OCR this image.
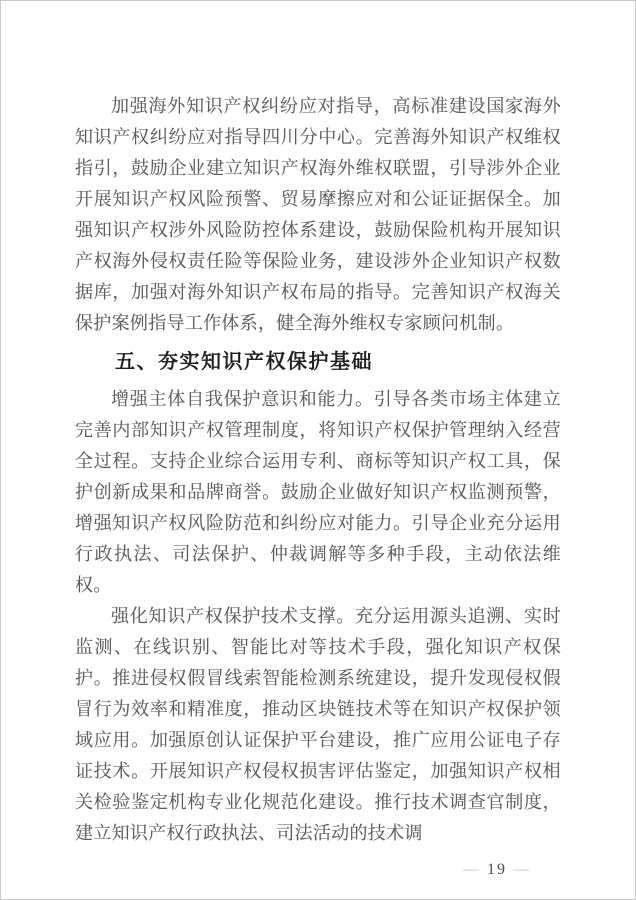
加强海外知识产权纠纷应对指导，高标准建设国家海外知识产权纠纷应对指导四川分中心。完善海外知识产权维权指引，鼓励企业建立知识产权海外维权联盟，引导涉外企业开展知识产权风险预警、贸易摩擦应对和公证证据保全。加强知识产权涉外风险防控体系建设，鼓励保险机构开展知识产权海外侵权责任险等保险业务，建设涉外企业知识产权数据库，加强对海外知识产权布局的指导。完善知识产权海关保护案例指导工作体系，健全海外维权专家顾问机制。

五、夯实知识产权保护基础

增强主体自我保护意识和能力。引导各类市场主体建立完善内部知识产权管理制度，将知识产权保护管理纳入经营全过程。支持企业综合运用专利、商标等知识产权工具，保护创新成果和品牌商誉。鼓励企业做好知识产权监测预警，增强知识产权风险防范和纠纷应对能力。引导企业充分运用行政执法、司法保护、仲裁调解等多种手段，主动依法维权。

强化知识产权保护技术支撑。充分运用源头追溯、实时监测、在线识别、智能比对等技术手段，强化知识产权保护。推进侵权假冒线索智能检测系统建设，提升发现侵权假冒行为效率和精准度，推动区块链技术等在知识产权保护领域应用。加强原创认证保护平台建设，推广应用公证电子存证技术。开展知识产权侵权损害评估鉴定，加强知识产权相关检验鉴定机构专业化规范化建设。推行技术调查官制度，建立知识产权行政执法、司法活动的技术调

— 19 —
